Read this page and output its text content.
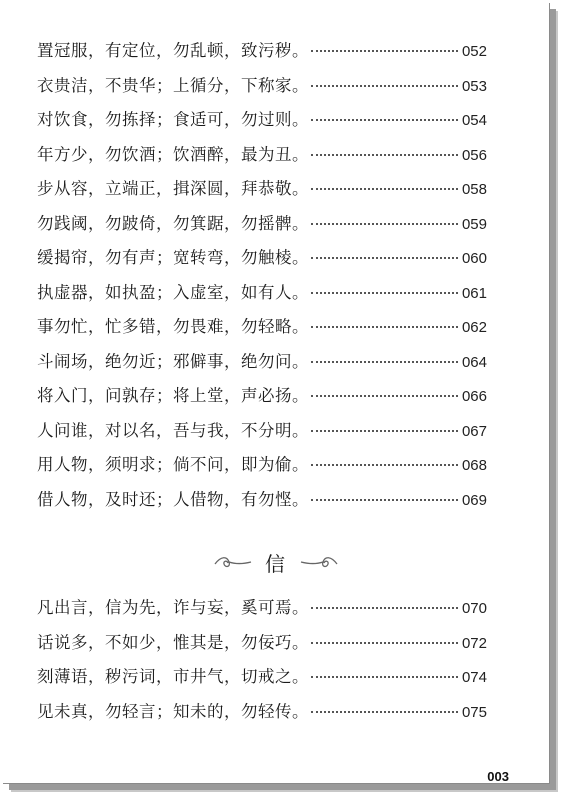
置冠服，有定位，勿乱顿，致污秽。	052
衣贵洁，不贵华；上循分，下称家。	053
对饮食，勿拣择；食适可，勿过则。	054
年方少，勿饮酒；饮酒醉，最为丑。	056
步从容，立端正，揖深圆，拜恭敬。	058
勿践阈，勿跛倚，勿箕踞，勿摇髀。	059
缓揭帘，勿有声；宽转弯，勿触棱。	060
执虚器，如执盈；入虚室，如有人。	061
事勿忙，忙多错，勿畏难，勿轻略。	062
斗闹场，绝勿近；邪僻事，绝勿问。	064
将入门，问孰存；将上堂，声必扬。	066
人问谁，对以名，吾与我，不分明。	067
用人物，须明求；倘不问，即为偷。	068
借人物，及时还；人借物，有勿悭。	069
信
凡出言，信为先，诈与妄，奚可焉。	070
话说多，不如少，惟其是，勿佞巧。	072
刻薄语，秽污词，市井气，切戒之。	074
见未真，勿轻言；知未的，勿轻传。	075
003
